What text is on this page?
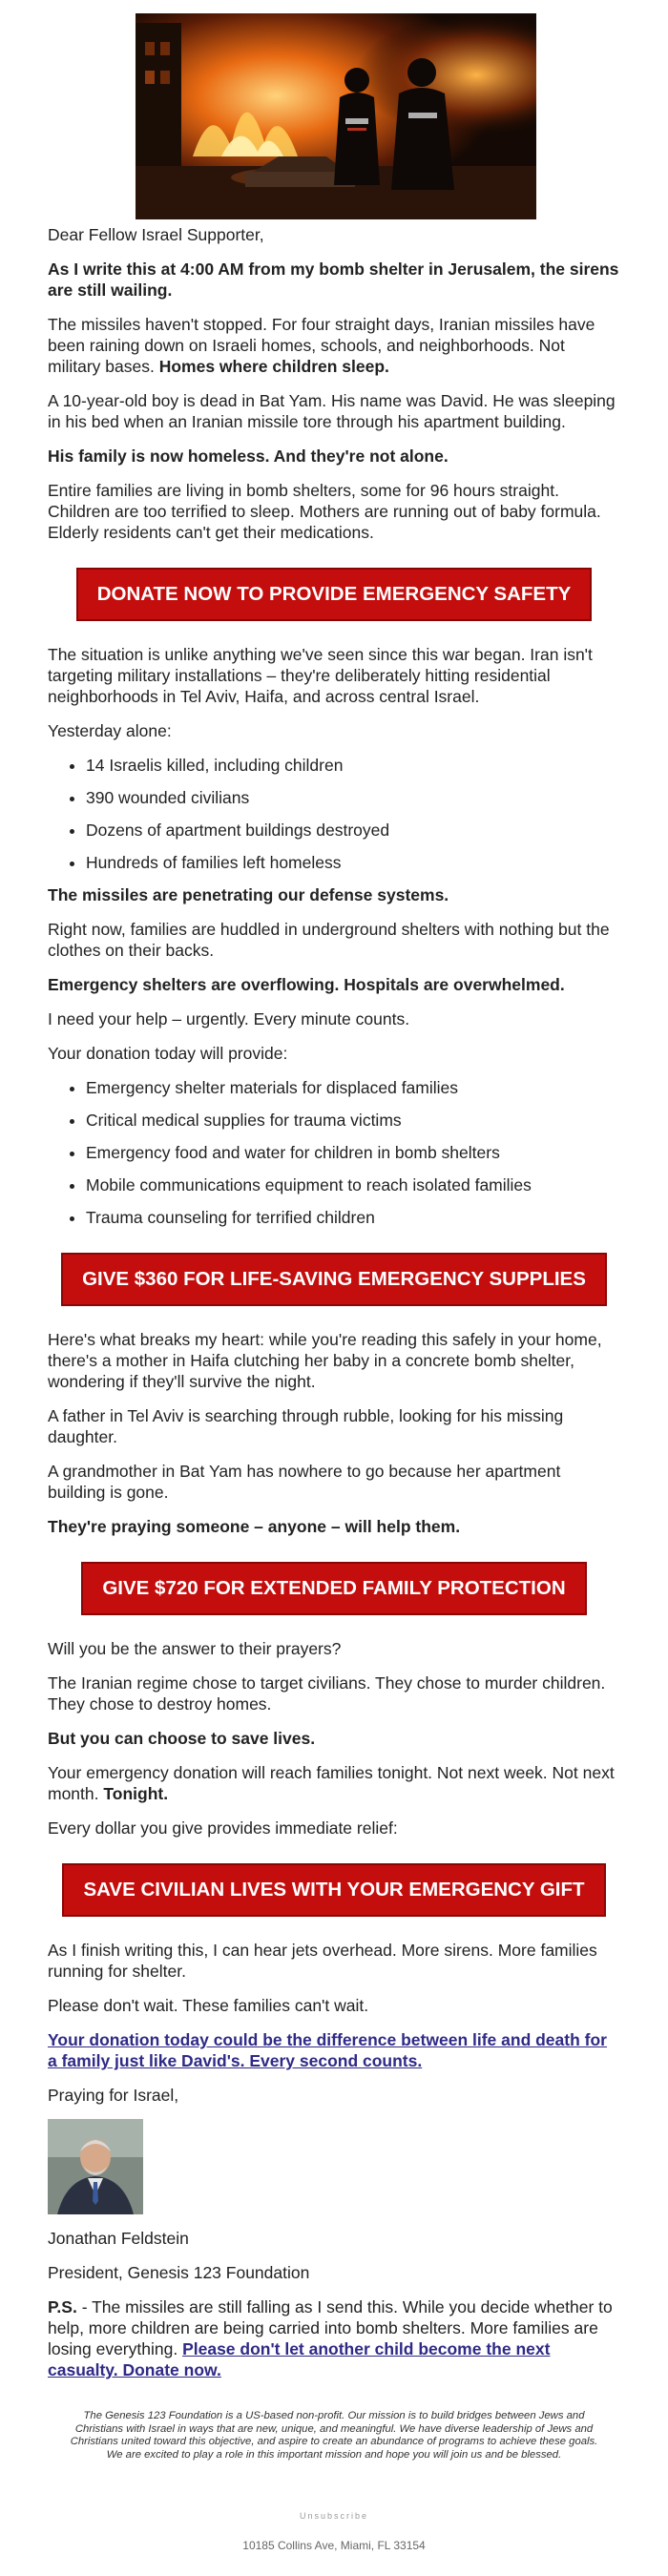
Dear Fellow Israel Supporter,

As I write this at 4:00 AM from my bomb shelter in Jerusalem, the sirens are still wailing.

The missiles haven't stopped. For four straight days, Iranian missiles have been raining down on Israeli homes, schools, and neighborhoods. Not military bases. Homes where children sleep.

A 10-year-old boy is dead in Bat Yam. His name was David. He was sleeping in his bed when an Iranian missile tore through his apartment building.

His family is now homeless. And they're not alone.

Entire families are living in bomb shelters, some for 96 hours straight. Children are too terrified to sleep. Mothers are running out of baby formula. Elderly residents can't get their medications.

DONATE NOW TO PROVIDE EMERGENCY SAFETY

The situation is unlike anything we've seen since this war began. Iran isn't targeting military installations – they're deliberately hitting residential neighborhoods in Tel Aviv, Haifa, and across central Israel.

Yesterday alone:

• 14 Israelis killed, including children
• 390 wounded civilians
• Dozens of apartment buildings destroyed
• Hundreds of families left homeless

The missiles are penetrating our defense systems.

Right now, families are huddled in underground shelters with nothing but the clothes on their backs.

Emergency shelters are overflowing. Hospitals are overwhelmed.

I need your help – urgently. Every minute counts.

Your donation today will provide:

• Emergency shelter materials for displaced families
• Critical medical supplies for trauma victims
• Emergency food and water for children in bomb shelters
• Mobile communications equipment to reach isolated families
• Trauma counseling for terrified children
GIVE $360 FOR LIFE-SAVING EMERGENCY SUPPLIES

Here's what breaks my heart: while you're reading this safely in your home, there's a mother in Haifa clutching her baby in a concrete bomb shelter, wondering if they'll survive the night.

A father in Tel Aviv is searching through rubble, looking for his missing daughter.

A grandmother in Bat Yam has nowhere to go because her apartment building is gone.

They're praying someone – anyone – will help them.

GIVE $720 FOR EXTENDED FAMILY PROTECTION

Will you be the answer to their prayers?

The Iranian regime chose to target civilians. They chose to murder children. They chose to destroy homes.

But you can choose to save lives.

Your emergency donation will reach families tonight. Not next week. Not next month. Tonight.

Every dollar you give provides immediate relief:

SAVE CIVILIAN LIVES WITH YOUR EMERGENCY GIFT

As I finish writing this, I can hear jets overhead. More sirens. More families running for shelter.

Please don't wait. These families can't wait.

Your donation today could be the difference between life and death for a family just like David's. Every second counts.

Praying for Israel,

Jonathan Feldstein

President, Genesis 123 Foundation

P.S. - The missiles are still falling as I send this. While you decide whether to help, more children are being carried into bomb shelters. More families are losing everything. Please don't let another child become the next casualty. Donate now.

The Genesis 123 Foundation is a US-based non-profit. Our mission is to build bridges between Jews and Christians with Israel in ways that are new, unique, and meaningful. We have diverse leadership of Jews and Christians united toward this objective, and aspire to create an abundance of programs to achieve these goals. We are excited to play a role in this important mission and hope you will join us and be blessed.
Unsubscribe
10185 Collins Ave, Miami, FL 33154
